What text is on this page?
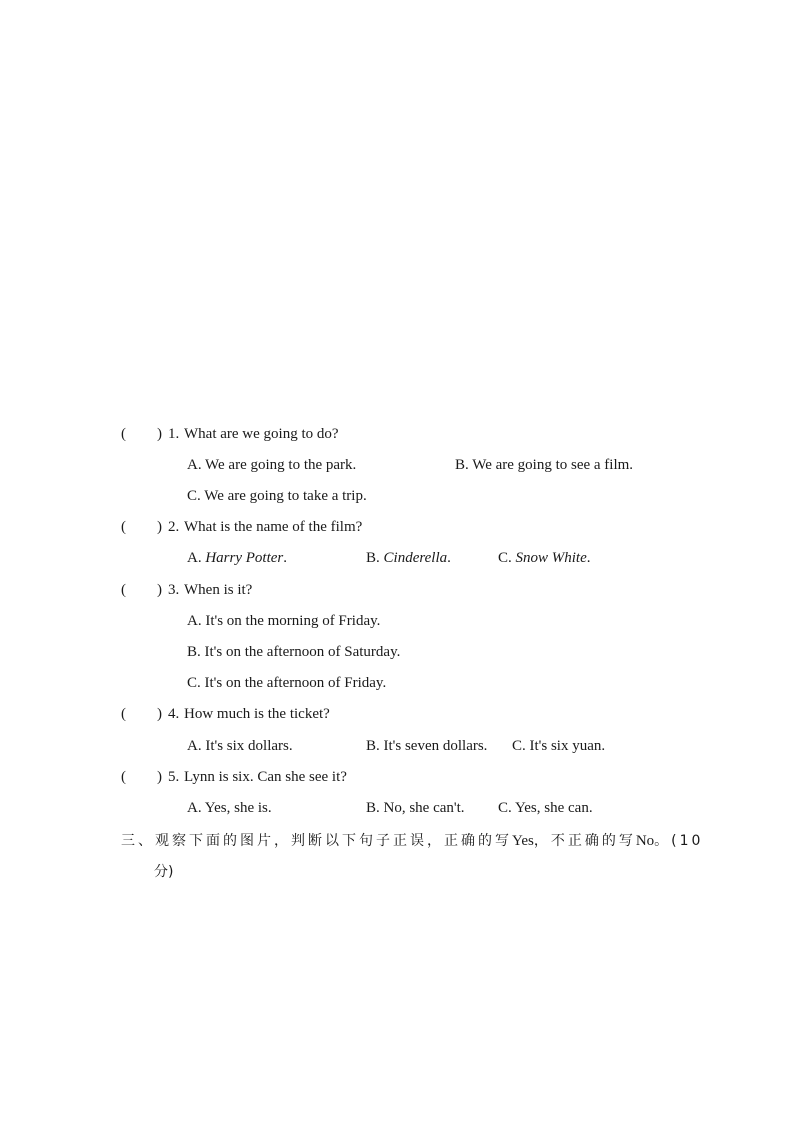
( ) 1. What are we going to do?
A. We are going to the park.	B. We are going to see a film.
C. We are going to take a trip.
( ) 2. What is the name of the film?
A. Harry Potter.	B. Cinderella.	C. Snow White.
( ) 3. When is it?
A. It's on the morning of Friday.
B. It's on the afternoon of Saturday.
C. It's on the afternoon of Friday.
( ) 4. How much is the ticket?
A. It's six dollars.	B. It's seven dollars. C. It's six yuan.
( ) 5. Lynn is six. Can she see it?
A. Yes, she is.	B. No, she can't. C. Yes, she can.
三、观察下面的图片，判断以下句子正误，正确的写Yes，不正确的写No。(10
分)
